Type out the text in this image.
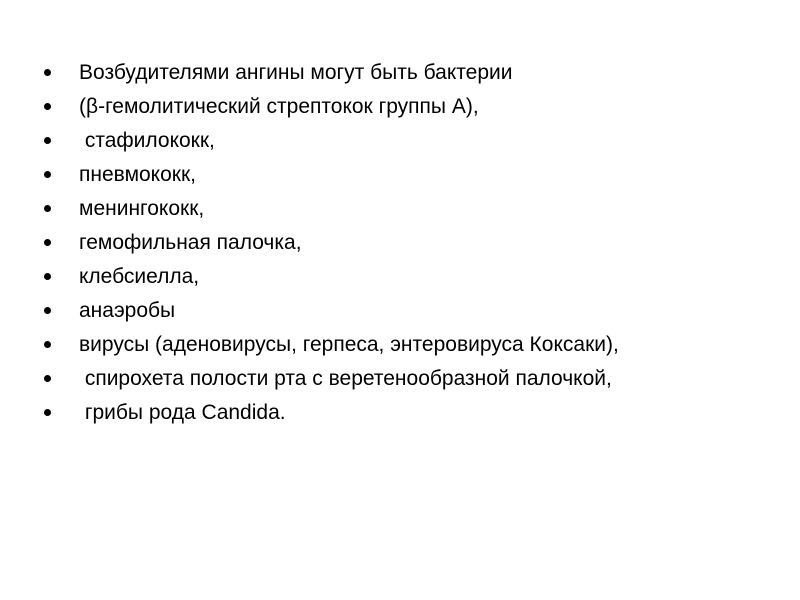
Возбудителями ангины могут быть бактерии

(β-гемолитический стрептокок группы А),

стафилококк,

пневмококк,

менингококк,

гемофильная палочка,

клебсиелла,

анаэробы

вирусы (аденовирусы, герпеса, энтеровируса Коксаки),

спирохета полости рта с веретенообразной палочкой,

грибы рода Candida.
